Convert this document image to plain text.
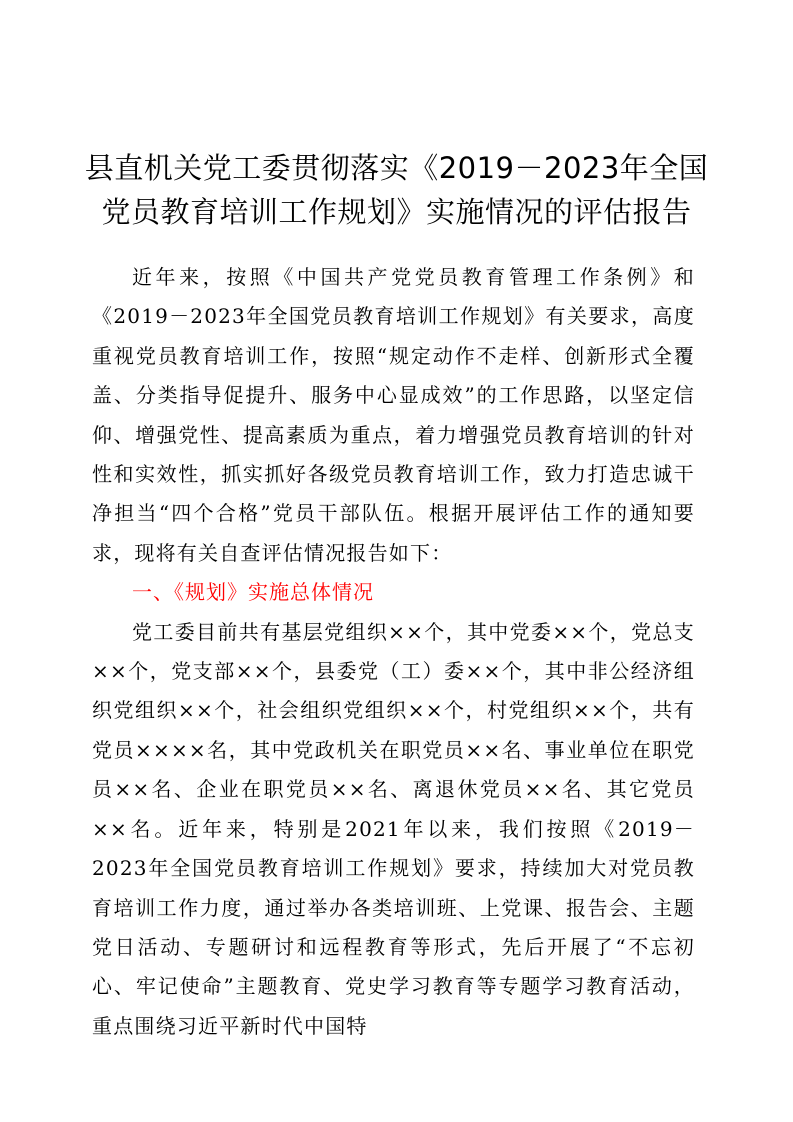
县直机关党工委贯彻落实《2019－2023年全国
党员教育培训工作规划》实施情况的评估报告

近年来，按照《中国共产党党员教育管理工作条例》和《2019－2023年全国党员教育培训工作规划》有关要求，高度重视党员教育培训工作，按照“规定动作不走样、创新形式全覆盖、分类指导促提升、服务中心显成效”的工作思路，以坚定信仰、增强党性、提高素质为重点，着力增强党员教育培训的针对性和实效性，抓实抓好各级党员教育培训工作，致力打造忠诚干净担当“四个合格”党员干部队伍。根据开展评估工作的通知要求，现将有关自查评估情况报告如下：

一、《规划》实施总体情况

党工委目前共有基层党组织××个，其中党委××个，党总支××个，党支部××个，县委党（工）委××个，其中非公经济组织党组织××个，社会组织党组织××个，村党组织××个，共有党员××××名，其中党政机关在职党员××名、事业单位在职党员××名、企业在职党员××名、离退休党员××名、其它党员××名。近年来，特别是2021年以来，我们按照《2019－2023年全国党员教育培训工作规划》要求，持续加大对党员教育培训工作力度，通过举办各类培训班、上党课、报告会、主题党日活动、专题研讨和远程教育等形式，先后开展了“不忘初心、牢记使命”主题教育、党史学习教育等专题学习教育活动，重点围绕习近平新时代中国特
